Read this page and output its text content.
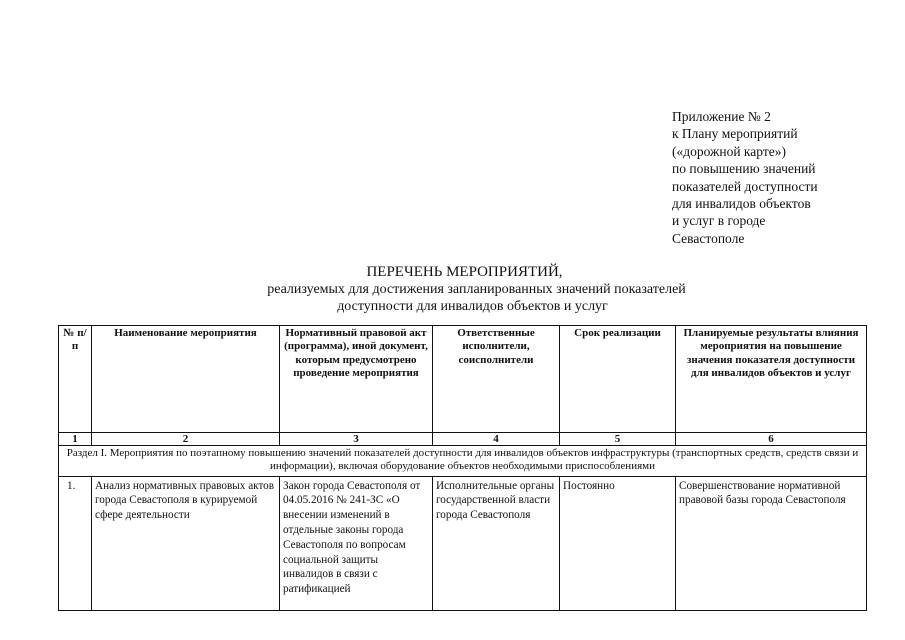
Приложение № 2
к Плану мероприятий
(«дорожной карте»)
по повышению значений
показателей доступности
для инвалидов объектов
и услуг в городе
Севастополе
ПЕРЕЧЕНЬ МЕРОПРИЯТИЙ,
реализуемых для достижения запланированных значений показателей
доступности для инвалидов объектов и услуг
№ п/п	Наименование мероприятия	Нормативный правовой акт (программа), иной документ, которым предусмотрено проведение мероприятия	Ответственные исполнители, соисполнители	Срок реализации	Планируемые результаты влияния мероприятия на повышение значения показателя доступности для инвалидов объектов и услуг
1	2	3	4	5	6
Раздел I. Мероприятия по поэтапному повышению значений показателей доступности для инвалидов объектов инфраструктуры (транспортных средств, средств связи и информации), включая оборудование объектов необходимыми приспособлениями					
1.	Анализ нормативных правовых актов города Севастополя в курируемой сфере деятельности	Закон города Севастополя от 04.05.2016 № 241-ЗС «О внесении изменений в отдельные законы города Севастополя по вопросам социальной защиты инвалидов в связи с ратификацией	Исполнительные органы государственной власти города Севастополя	Постоянно	Совершенствование нормативной правовой базы города Севастополя
